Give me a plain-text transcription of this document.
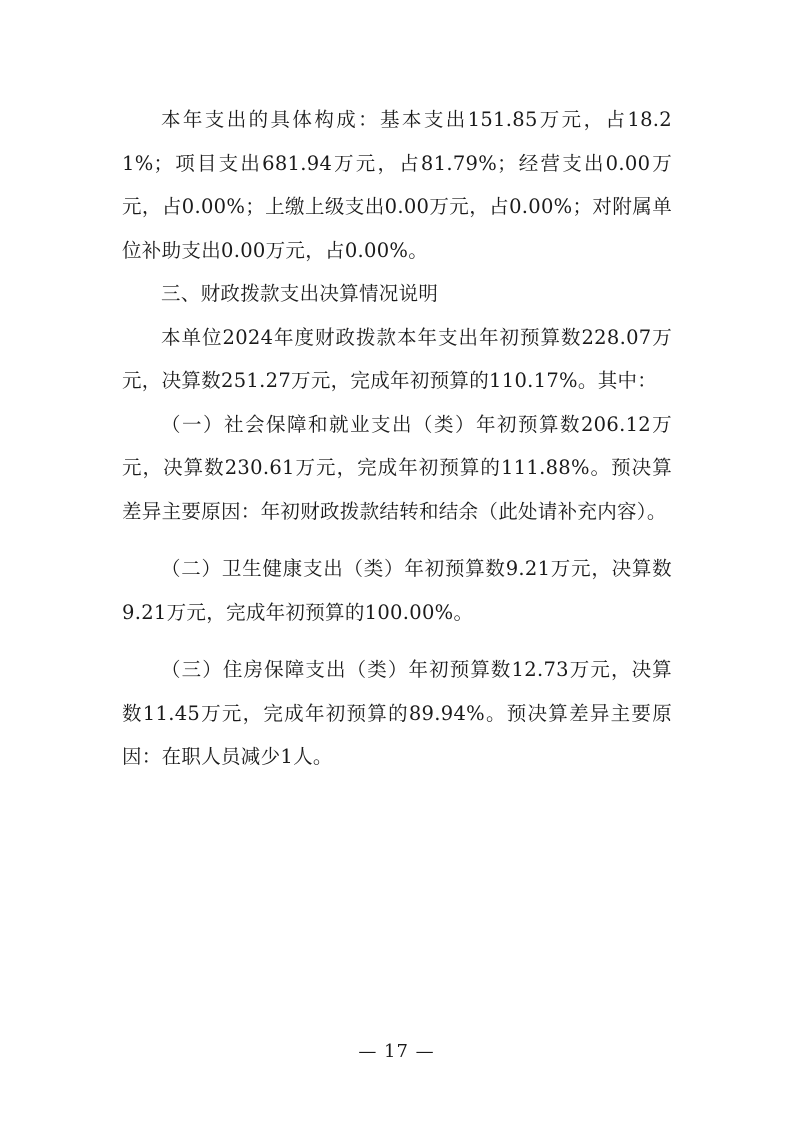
本年支出的具体构成：基本支出151.85万元，占18.21%；项目支出681.94万元，占81.79%；经营支出0.00万元，占0.00%；上缴上级支出0.00万元，占0.00%；对附属单位补助支出0.00万元，占0.00%。

三、财政拨款支出决算情况说明

本单位2024年度财政拨款本年支出年初预算数228.07万元，决算数251.27万元，完成年初预算的110.17%。其中：

（一）社会保障和就业支出（类）年初预算数206.12万元，决算数230.61万元，完成年初预算的111.88%。预决算差异主要原因：年初财政拨款结转和结余（此处请补充内容）。

（二）卫生健康支出（类）年初预算数9.21万元，决算数9.21万元，完成年初预算的100.00%。

（三）住房保障支出（类）年初预算数12.73万元，决算数11.45万元，完成年初预算的89.94%。预决算差异主要原因：在职人员减少1人。

— 17 —
